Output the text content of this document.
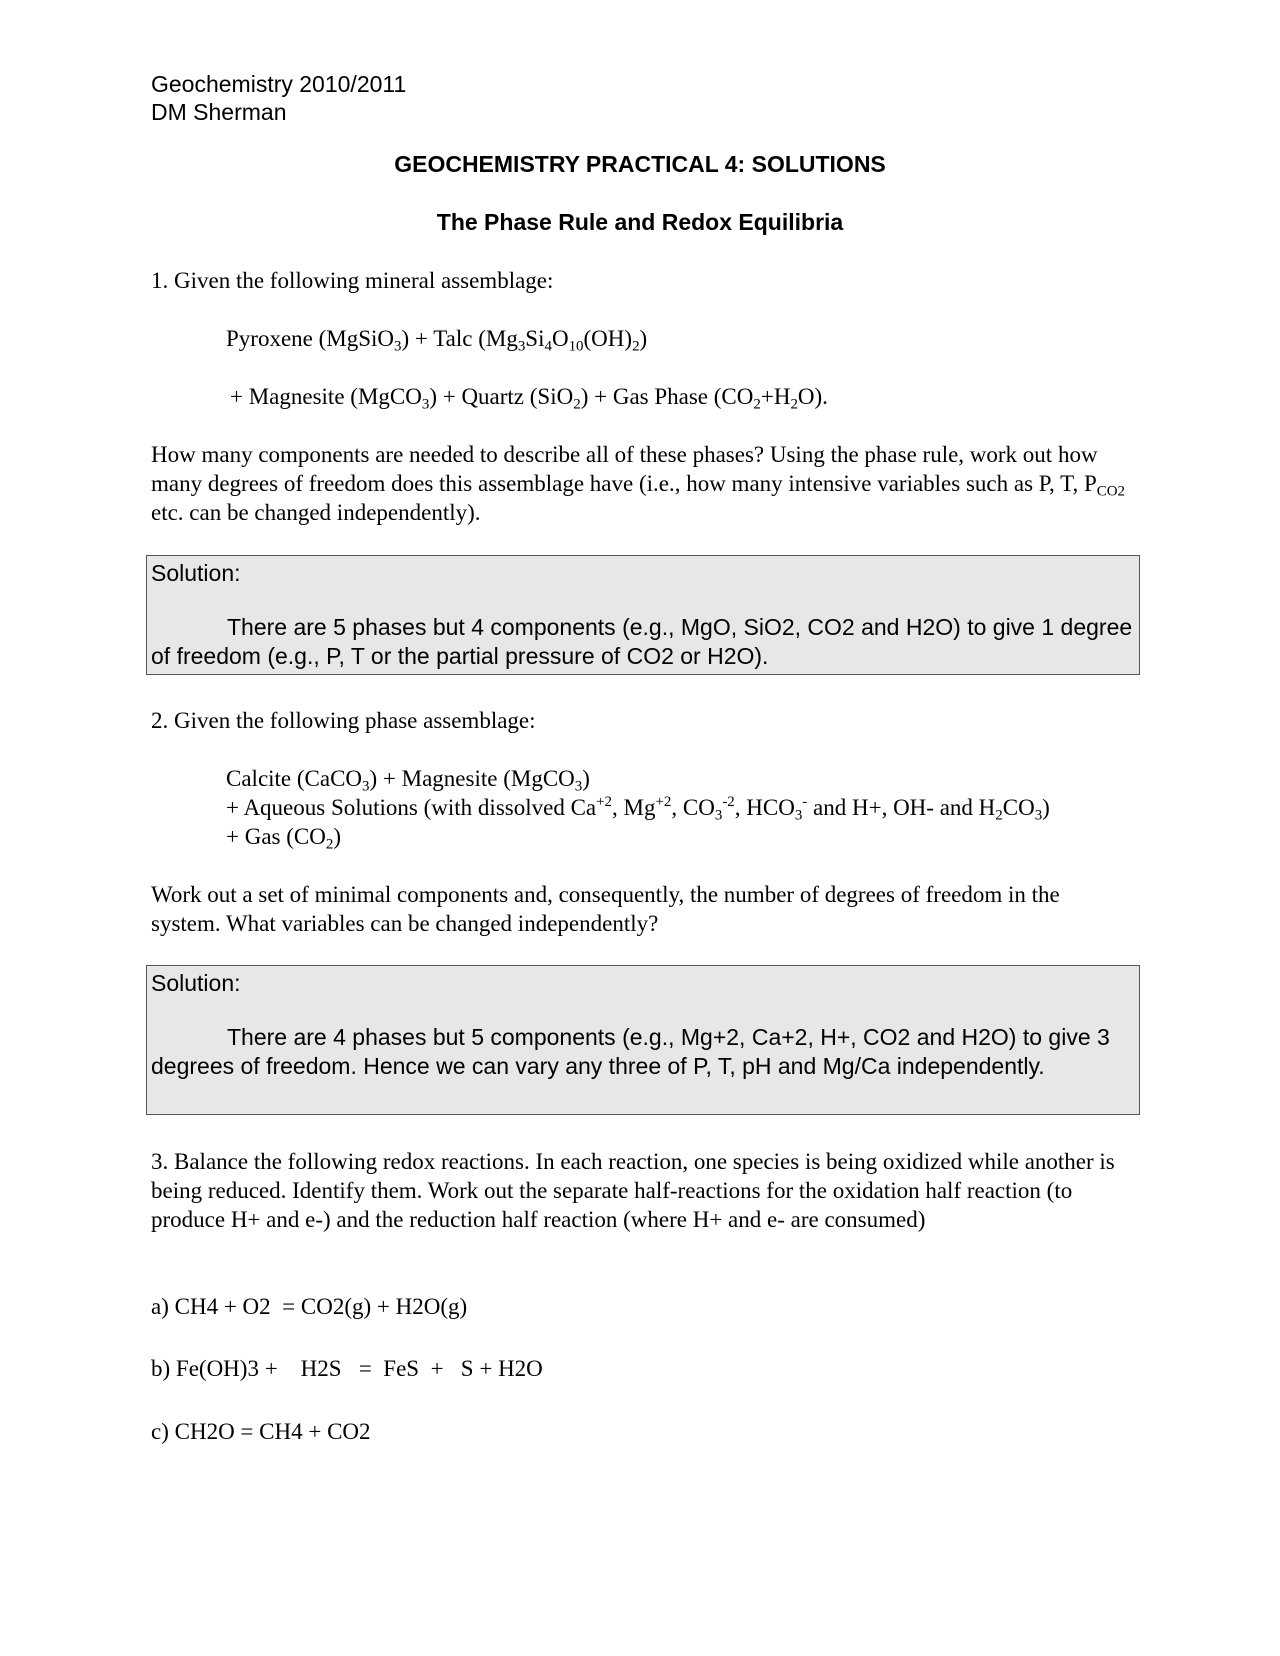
Geochemistry 2010/2011

DM Sherman

GEOCHEMISTRY PRACTICAL 4: SOLUTIONS
The Phase Rule and Redox Equilibria

1. Given the following mineral assemblage:

Pyroxene (MgSiO$_3$) + Talc $(Mg_3Si_4O_{10}(OH)_2)$
+ Magnesite (MgCO$_3$) + Quartz (SiO$_2$) + Gas Phase $(CO_2+H_2O)$.

How many components are needed to describe all of these phases? Using the phase rule, work out how many degrees of freedom does this assemblage have (i.e., how many intensive variables such as P, T, $P_{CO2}$ etc. can be changed independently).

Solution:
There are 5 phases but 4 components (e.g., MgO, SiO2, CO2 and H2O) to give 1 degree of freedom (e.g., P, T or the partial pressure of CO2 or H2O).

2. Given the following phase assemblage:

Calcite (CaCO$_3$) + Magnesite (MgCO$_3$)
+ Aqueous Solutions (with dissolved $Ca^{+2}$, $Mg^{+2}$, $CO_3^{-2}$, $HCO_3^-$ and H+, OH- and $H_2CO_3$)
+ Gas $(CO_2)$

Work out a set of minimal components and, consequently, the number of degrees of freedom in the system. What variables can be changed independently?

Solution:
There are 4 phases but 5 components (e.g., Mg+2, Ca+2, H+, CO2 and H2O) to give 3 degrees of freedom. Hence we can vary any three of P, T, pH and Mg/Ca independently.

3. Balance the following redox reactions. In each reaction, one species is being oxidized while another is being reduced. Identify them. Work out the separate half-reactions for the oxidation half reaction (to produce H+ and e-) and the reduction half reaction (where H+ and e- are consumed)

a) CH4 + O2  = CO2(g) + H2O(g)

b) Fe(OH)3 +    H2S   =  FeS  +   S + H2O

c) CH2O = CH4 + CO2
